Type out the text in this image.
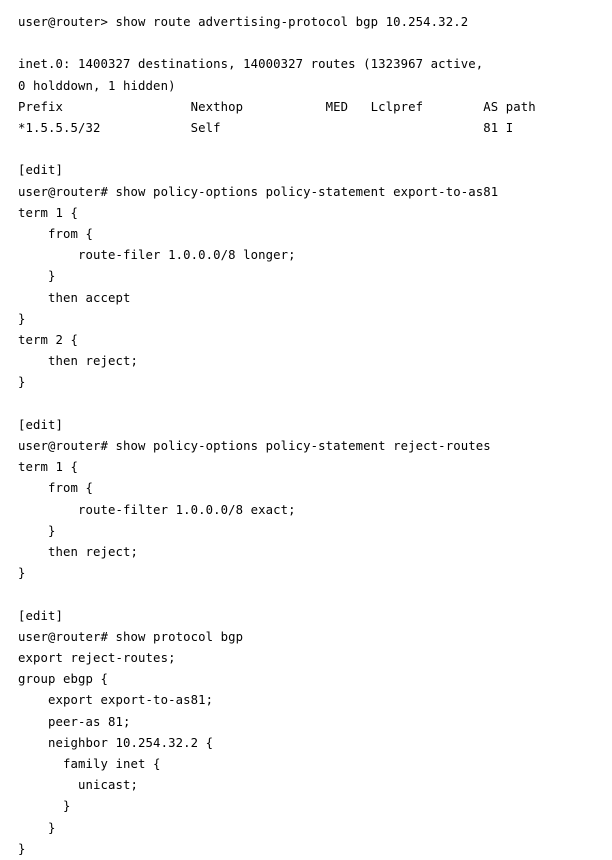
user@router> show route advertising-protocol bgp 10.254.32.2
inet.0: 1400327 destinations, 14000327 routes (1323967 active,
0 holddown, 1 hidden)
Prefix                 Nexthop           MED   Lclpref        AS path
*1.5.5.5/32            Self                                   81 I
[edit]
user@router# show policy-options policy-statement export-to-as81
term 1 {
from {
route-filer 1.0.0.0/8 longer;
}
then accept
}
term 2 {
then reject;
}
[edit]
user@router# show policy-options policy-statement reject-routes
term 1 {
from {
route-filter 1.0.0.0/8 exact;
}
then reject;
}
[edit]
user@router# show protocol bgp
export reject-routes;
group ebgp {
export export-to-as81;
peer-as 81;
neighbor 10.254.32.2 {
family inet {
unicast;
}
}
}
